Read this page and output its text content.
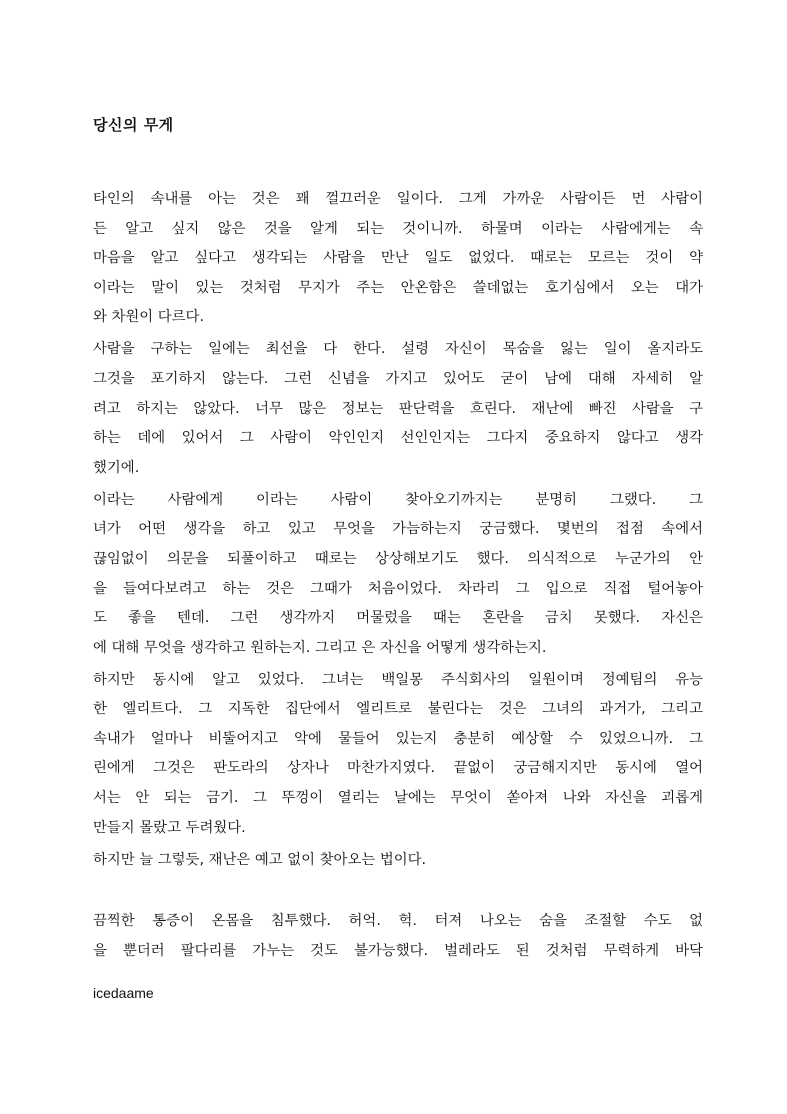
당신의 무게
타인의 속내를 아는 것은 꽤 껄끄러운 일이다. 그게 가까운 사람이든 먼 사람이
든 알고 싶지 않은 것을 알게 되는 것이니까. 하물며 이라는 사람에게는 속
마음을 알고 싶다고 생각되는 사람을 만난 일도 없었다. 때로는 모르는 것이 약
이라는 말이 있는 것처럼 무지가 주는 안온함은 쓸데없는 호기심에서 오는 대가
와 차원이 다르다.
사람을 구하는 일에는 최선을 다 한다. 설령 자신이 목숨을 잃는 일이 올지라도
그것을 포기하지 않는다. 그런 신념을 가지고 있어도 굳이 남에 대해 자세히 알
려고 하지는 않았다. 너무 많은 정보는 판단력을 흐린다. 재난에 빠진 사람을 구
하는 데에 있어서 그 사람이 악인인지 선인인지는 그다지 중요하지 않다고 생각
했기에.
이라는 사람에게 이라는 사람이 찾아오기까지는 분명히 그랬다. 그
녀가 어떤 생각을 하고 있고 무엇을 가늠하는지 궁금했다. 몇번의 접점 속에서
끊임없이 의문을 되풀이하고 때로는 상상해보기도 했다. 의식적으로 누군가의 안
을 들여다보려고 하는 것은 그때가 처음이었다. 차라리 그 입으로 직접 털어놓아
도 좋을 텐데. 그런 생각까지 머물렀을 때는 혼란을 금치 못했다. 자신은
에 대해 무엇을 생각하고 원하는지. 그리고 은 자신을 어떻게 생각하는지.
하지만 동시에 알고 있었다. 그녀는 백일몽 주식회사의 일원이며 정예팀의 유능
한 엘리트다. 그 지독한 집단에서 엘리트로 불린다는 것은 그녀의 과거가, 그리고
속내가 얼마나 비뚤어지고 악에 물들어 있는지 충분히 예상할 수 있었으니까. 그
린에게 그것은 판도라의 상자나 마찬가지였다. 끝없이 궁금해지지만 동시에 열어
서는 안 되는 금기. 그 뚜껑이 열리는 날에는 무엇이 쏟아져 나와 자신을 괴롭게
만들지 몰랐고 두려웠다.
하지만 늘 그렇듯, 재난은 예고 없이 찾아오는 법이다.
끔찍한 통증이 온몸을 침투했다. 허억. 헉. 터져 나오는 숨을 조절할 수도 없
을 뿐더러 팔다리를 가누는 것도 불가능했다. 벌레라도 된 것처럼 무력하게 바닥
icedaame
